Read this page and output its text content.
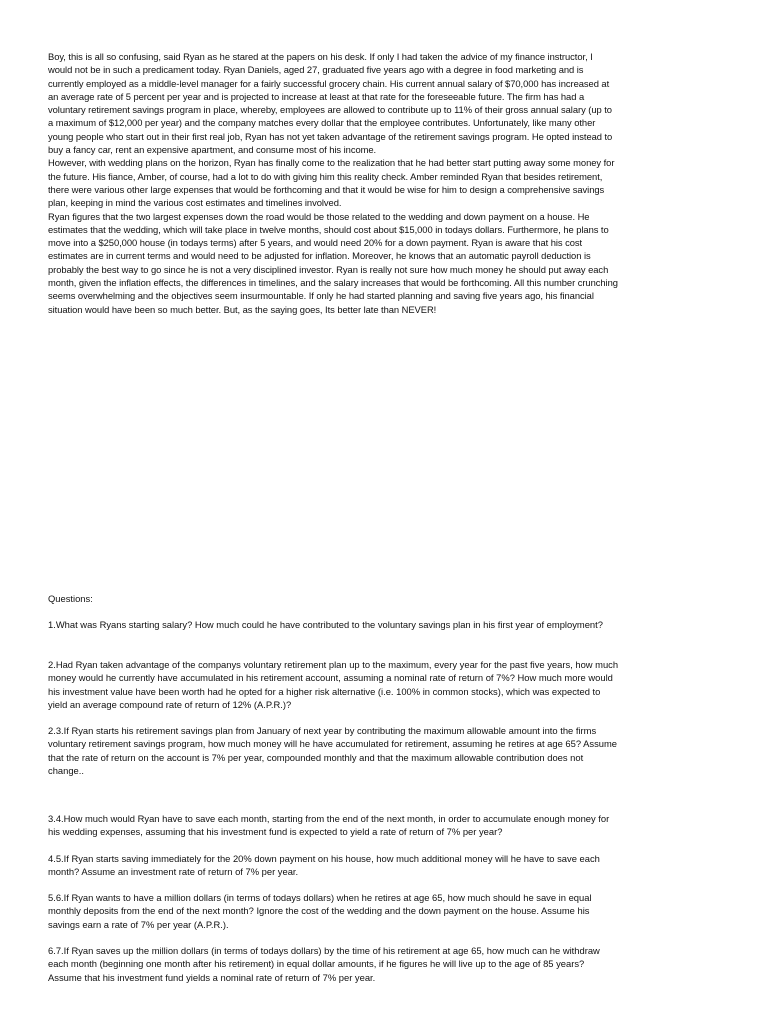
Boy, this is all so confusing, said Ryan as he stared at the papers on his desk. If only I had taken the advice of my finance instructor, I would not be in such a predicament today. Ryan Daniels, aged 27, graduated five years ago with a degree in food marketing and is currently employed as a middle-level manager for a fairly successful grocery chain. His current annual salary of $70,000 has increased at an average rate of 5 percent per year and is projected to increase at least at that rate for the foreseeable future. The firm has had a voluntary retirement savings program in place, whereby, employees are allowed to contribute up to 11% of their gross annual salary (up to a maximum of $12,000 per year) and the company matches every dollar that the employee contributes. Unfortunately, like many other young people who start out in their first real job, Ryan has not yet taken advantage of the retirement savings program. He opted instead to buy a fancy car, rent an expensive apartment, and consume most of his income.

However, with wedding plans on the horizon, Ryan has finally come to the realization that he had better start putting away some money for the future. His fiance, Amber, of course, had a lot to do with giving him this reality check. Amber reminded Ryan that besides retirement, there were various other large expenses that would be forthcoming and that it would be wise for him to design a comprehensive savings plan, keeping in mind the various cost estimates and timelines involved.

Ryan figures that the two largest expenses down the road would be those related to the wedding and down payment on a house. He estimates that the wedding, which will take place in twelve months, should cost about $15,000 in todays dollars. Furthermore, he plans to move into a $250,000 house (in todays terms) after 5 years, and would need 20% for a down payment. Ryan is aware that his cost estimates are in current terms and would need to be adjusted for inflation. Moreover, he knows that an automatic payroll deduction is probably the best way to go since he is not a very disciplined investor. Ryan is really not sure how much money he should put away each month, given the inflation effects, the differences in timelines, and the salary increases that would be forthcoming. All this number crunching seems overwhelming and the objectives seem insurmountable. If only he had started planning and saving five years ago, his financial situation would have been so much better. But, as the saying goes, Its better late than NEVER!

Questions:

1.What was Ryans starting salary? How much could he have contributed to the voluntary savings plan in his first year of employment?

2.Had Ryan taken advantage of the companys voluntary retirement plan up to the maximum, every year for the past five years, how much money would he currently have accumulated in his retirement account, assuming a nominal rate of return of 7%? How much more would his investment value have been worth had he opted for a higher risk alternative (i.e. 100% in common stocks), which was expected to yield an average compound rate of return of 12% (A.P.R.)?

2.3.If Ryan starts his retirement savings plan from January of next year by contributing the maximum allowable amount into the firms voluntary retirement savings program, how much money will he have accumulated for retirement, assuming he retires at age 65? Assume that the rate of return on the account is 7% per year, compounded monthly and that the maximum allowable contribution does not change..

3.4.How much would Ryan have to save each month, starting from the end of the next month, in order to accumulate enough money for his wedding expenses, assuming that his investment fund is expected to yield a rate of return of 7% per year?

4.5.If Ryan starts saving immediately for the 20% down payment on his house, how much additional money will he have to save each month? Assume an investment rate of return of 7% per year.

5.6.If Ryan wants to have a million dollars (in terms of todays dollars) when he retires at age 65, how much should he save in equal monthly deposits from the end of the next month? Ignore the cost of the wedding and the down payment on the house. Assume his savings earn a rate of 7% per year (A.P.R.).

6.7.If Ryan saves up the million dollars (in terms of todays dollars) by the time of his retirement at age 65, how much can he withdraw each month (beginning one month after his retirement) in equal dollar amounts, if he figures he will live up to the age of 85 years? Assume that his investment fund yields a nominal rate of return of 7% per year.
